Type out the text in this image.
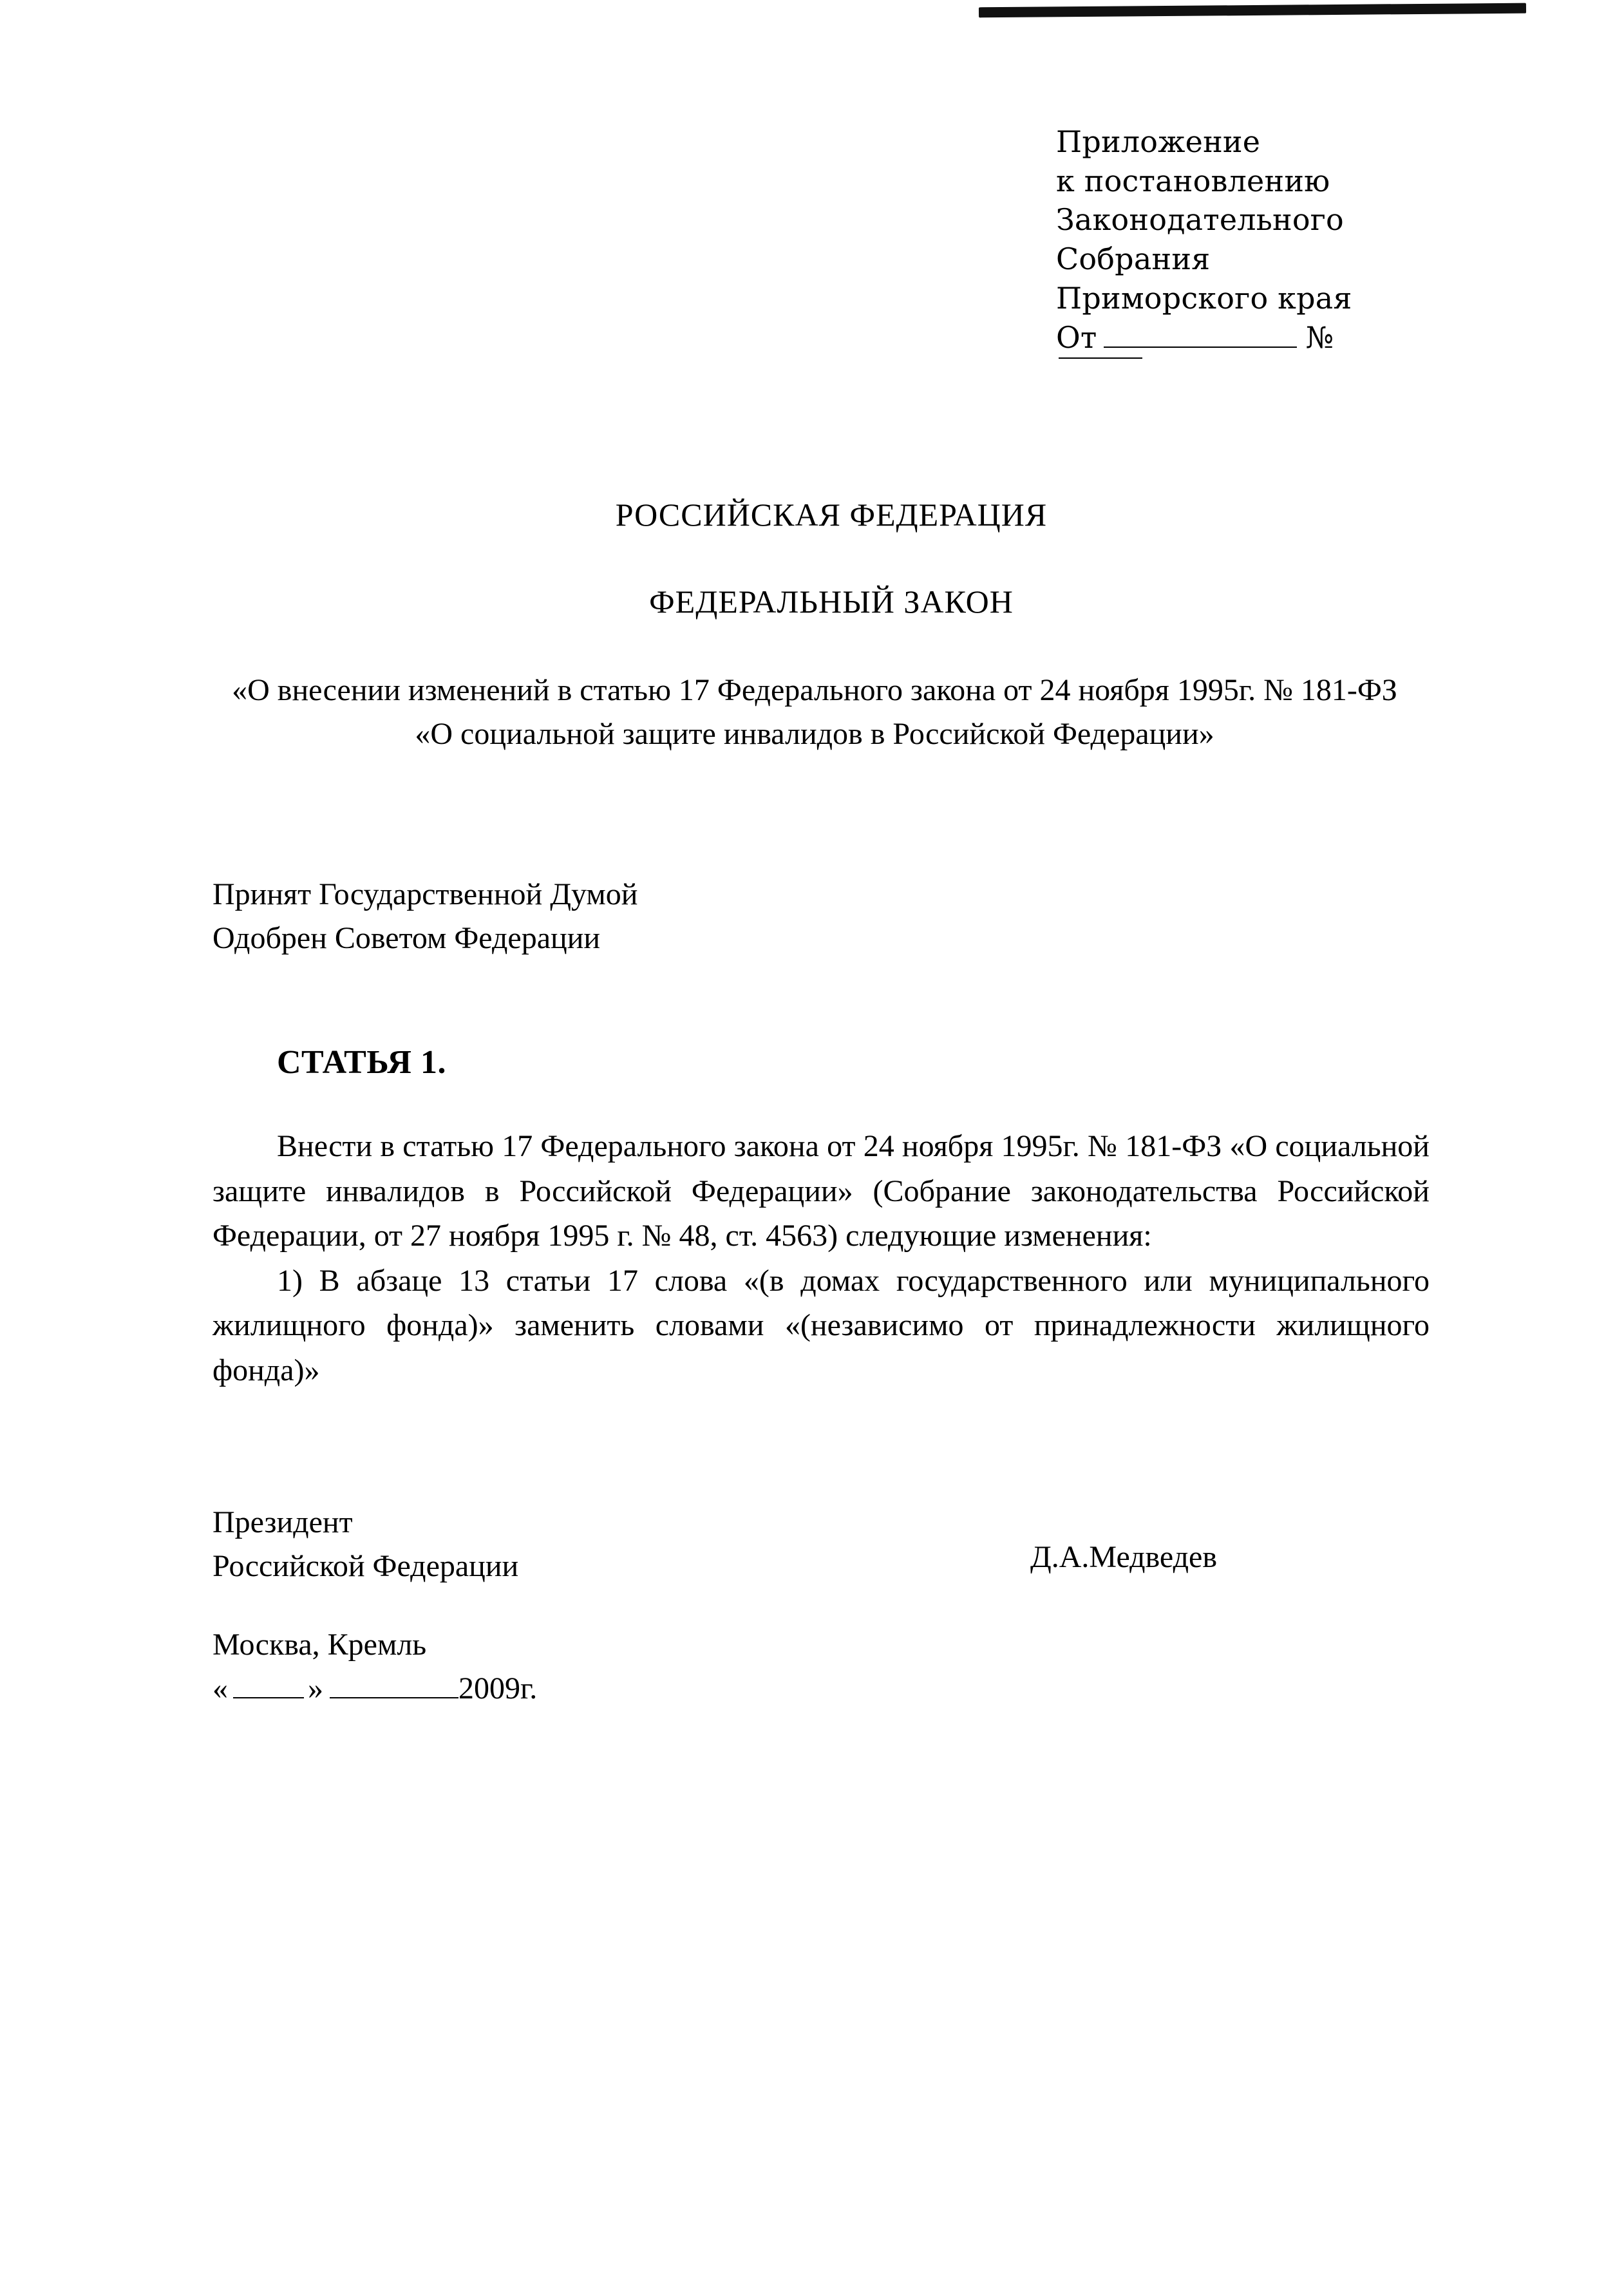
Приложение
к постановлению
Законодательного
Собрания
Приморского края
От	№
РОССИЙСКАЯ ФЕДЕРАЦИЯ
ФЕДЕРАЛЬНЫЙ ЗАКОН
«О внесении изменений в статью 17 Федерального закона от 24 ноября 1995г. № 181-ФЗ «О социальной защите инвалидов в Российской Федерации»
Принят Государственной Думой
Одобрен Советом Федерации
СТАТЬЯ 1.

Внести в статью 17 Федерального закона от 24 ноября 1995г. № 181-ФЗ «О социальной защите инвалидов в Российской Федерации» (Собрание законодательства Российской Федерации, от 27 ноября 1995 г. № 48, ст. 4563) следующие изменения:

1) В абзаце 13 статьи 17 слова «(в домах государственного или муниципального жилищного фонда)» заменить словами «(независимо от принадлежности жилищного фонда)»

Президент
Российской Федерации	Д.А.Медведев
Москва, Кремль
«	»	2009г.
